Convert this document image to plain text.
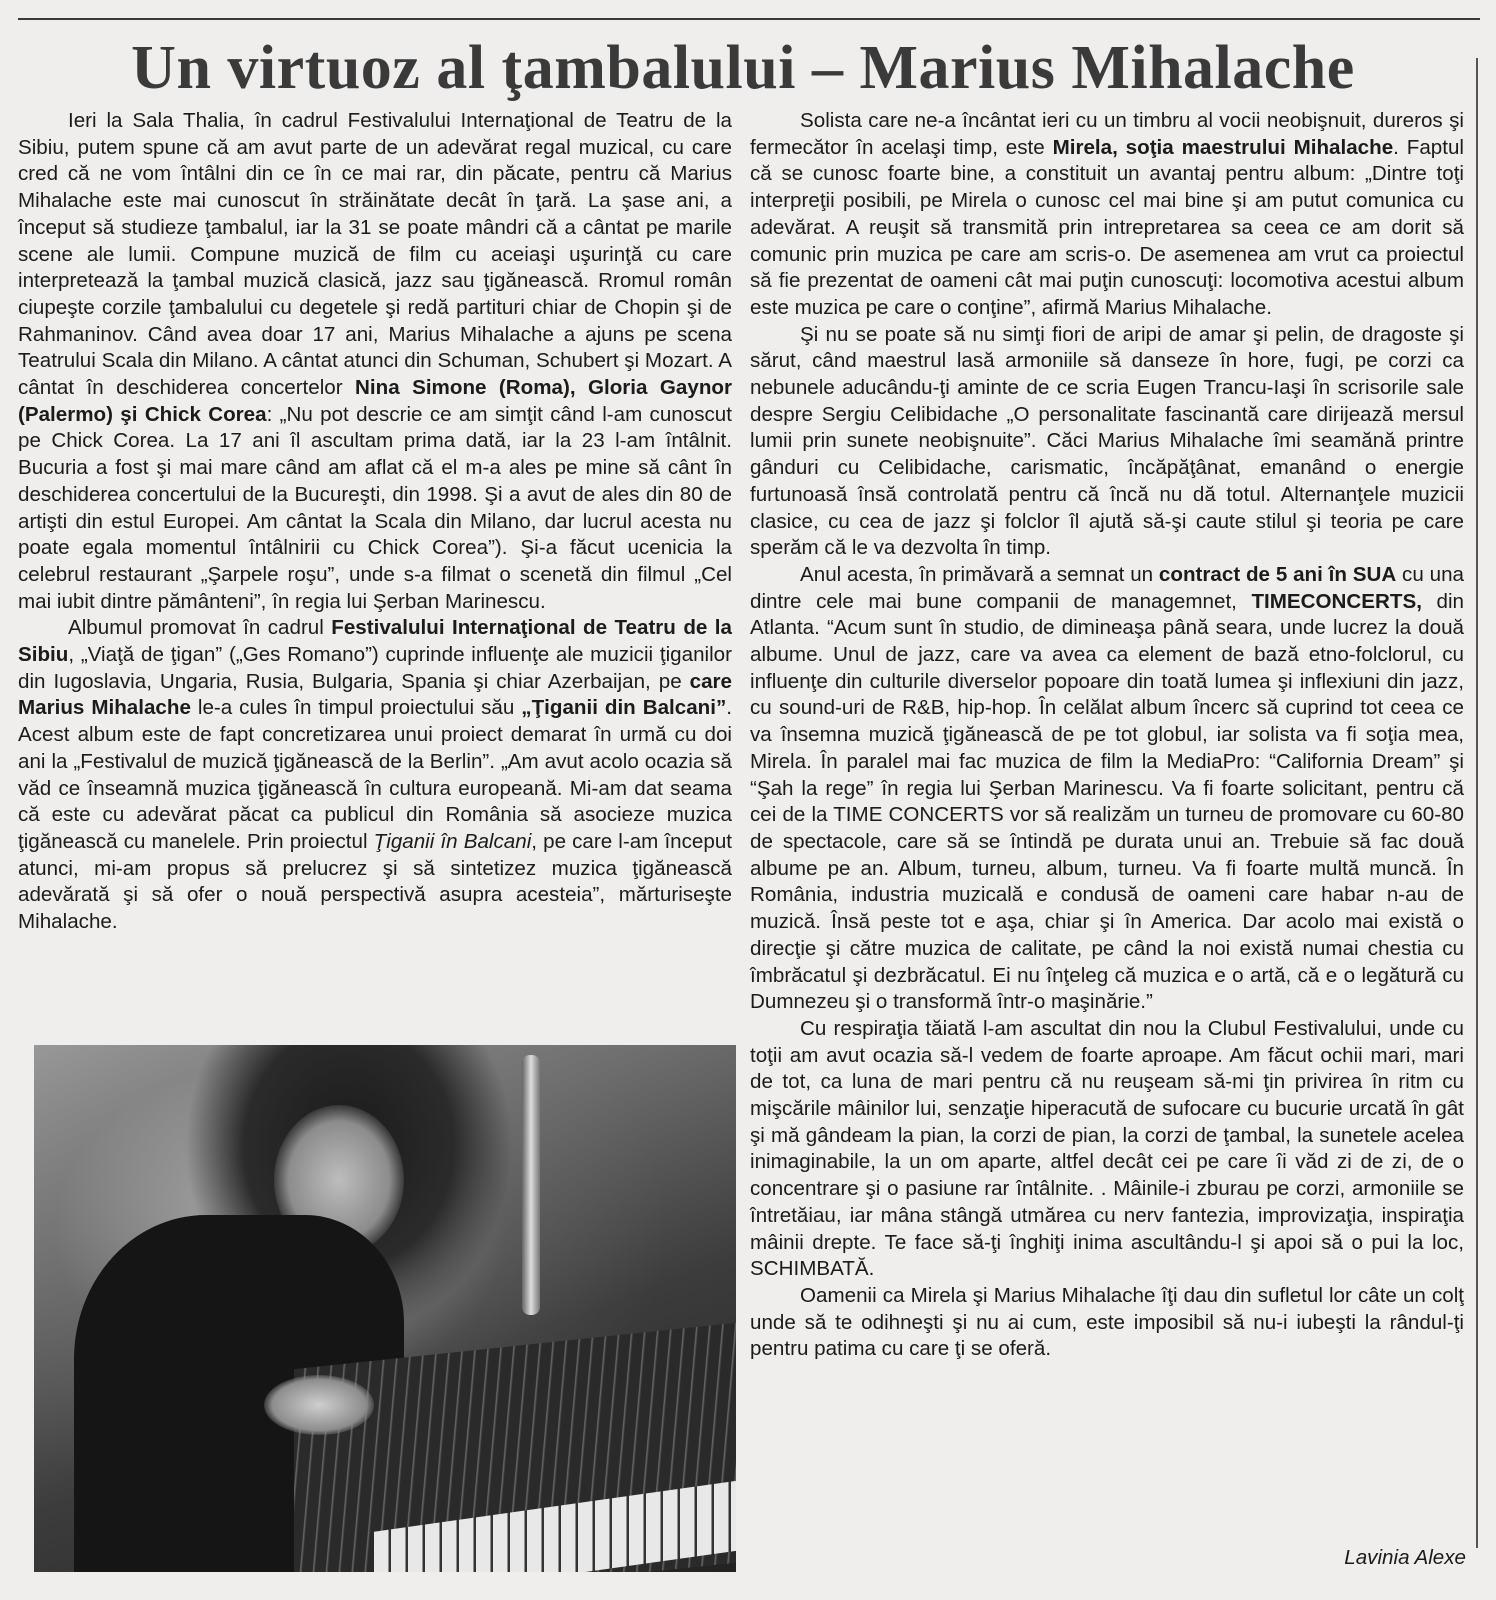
Un virtuoz al ţambalului – Marius Mihalache

Ieri la Sala Thalia, în cadrul Festivalului Internaţional de Teatru de la Sibiu, putem spune că am avut parte de un adevărat regal muzical, cu care cred că ne vom întâlni din ce în ce mai rar, din păcate, pentru că Marius Mihalache este mai cunoscut în străinătate decât în ţară. La şase ani, a început să studieze ţambalul, iar la 31 se poate mândri că a cântat pe marile scene ale lumii. Compune muzică de film cu aceiaşi uşurinţă cu care interpretează la ţambal muzică clasică, jazz sau ţigănească. Rromul român ciupeşte corzile ţambalului cu degetele şi redă partituri chiar de Chopin şi de Rahmaninov. Când avea doar 17 ani, Marius Mihalache a ajuns pe scena Teatrului Scala din Milano. A cântat atunci din Schuman, Schubert şi Mozart. A cântat în deschiderea concertelor Nina Simone (Roma), Gloria Gaynor (Palermo) şi Chick Corea: „Nu pot descrie ce am simţit când l-am cunoscut pe Chick Corea. La 17 ani îl ascultam prima dată, iar la 23 l-am întâlnit. Bucuria a fost şi mai mare când am aflat că el m-a ales pe mine să cânt în deschiderea concertului de la Bucureşti, din 1998. Şi a avut de ales din 80 de artişti din estul Europei. Am cântat la Scala din Milano, dar lucrul acesta nu poate egala momentul întâlnirii cu Chick Corea”). Şi-a făcut ucenicia la celebrul restaurant „Şarpele roşu”, unde s-a filmat o scenetă din filmul „Cel mai iubit dintre pământeni”, în regia lui Şerban Marinescu.

Albumul promovat în cadrul Festivalului Internaţional de Teatru de la Sibiu, „Viaţă de ţigan” („Ges Romano”) cuprinde influenţe ale muzicii ţiganilor din Iugoslavia, Ungaria, Rusia, Bulgaria, Spania şi chiar Azerbaijan, pe care Marius Mihalache le-a cules în timpul proiectului său „Ţiganii din Balcani”. Acest album este de fapt concretizarea unui proiect demarat în urmă cu doi ani la „Festivalul de muzică ţigănească de la Berlin”. „Am avut acolo ocazia să văd ce înseamnă muzica ţigănească în cultura europeană. Mi-am dat seama că este cu adevărat păcat ca publicul din România să asocieze muzica ţigănească cu manelele. Prin proiectul Ţiganii în Balcani, pe care l-am început atunci, mi-am propus să prelucrez şi să sintetizez muzica ţigănească adevărată şi să ofer o nouă perspectivă asupra acesteia”, mărturiseşte Mihalache.

Solista care ne-a încântat ieri cu un timbru al vocii neobişnuit, dureros şi fermecător în acelaşi timp, este Mirela, soţia maestrului Mihalache. Faptul că se cunosc foarte bine, a constituit un avantaj pentru album: „Dintre toţi interpreţii posibili, pe Mirela o cunosc cel mai bine şi am putut comunica cu adevărat. A reuşit să transmită prin intrepretarea sa ceea ce am dorit să comunic prin muzica pe care am scris-o. De asemenea am vrut ca proiectul să fie prezentat de oameni cât mai puţin cunoscuţi: locomotiva acestui album este muzica pe care o conţine”, afirmă Marius Mihalache.

Şi nu se poate să nu simţi fiori de aripi de amar şi pelin, de dragoste şi sărut, când maestrul lasă armoniile să danseze în hore, fugi, pe corzi ca nebunele aducându-ţi aminte de ce scria Eugen Trancu-Iaşi în scrisorile sale despre Sergiu Celibidache „O personalitate fascinantă care dirijează mersul lumii prin sunete neobişnuite”. Căci Marius Mihalache îmi seamănă printre gânduri cu Celibidache, carismatic, încăpăţânat, emanând o energie furtunoasă însă controlată pentru că încă nu dă totul. Alternanţele muzicii clasice, cu cea de jazz şi folclor îl ajută să-şi caute stilul şi teoria pe care sperăm că le va dezvolta în timp.

Anul acesta, în primăvară a semnat un contract de 5 ani în SUA cu una dintre cele mai bune companii de managemnet, TIMECONCERTS, din Atlanta. “Acum sunt în studio, de dimineaşa până seara, unde lucrez la două albume. Unul de jazz, care va avea ca element de bază etno-folclorul, cu influenţe din culturile diverselor popoare din toată lumea şi inflexiuni din jazz, cu sound-uri de R&B, hip-hop. În celălat album încerc să cuprind tot ceea ce va însemna muzică ţigănească de pe tot globul, iar solista va fi soţia mea, Mirela. În paralel mai fac muzica de film la MediaPro: “California Dream” şi “Şah la rege” în regia lui Şerban Marinescu. Va fi foarte solicitant, pentru că cei de la TIME CONCERTS vor să realizăm un turneu de promovare cu 60-80 de spectacole, care să se întindă pe durata unui an. Trebuie să fac două albume pe an. Album, turneu, album, turneu. Va fi foarte multă muncă. În România, industria muzicală e condusă de oameni care habar n-au de muzică. Însă peste tot e aşa, chiar şi în America. Dar acolo mai există o direcţie şi către muzica de calitate, pe când la noi există numai chestia cu îmbrăcatul şi dezbrăcatul. Ei nu înţeleg că muzica e o artă, că e o legătură cu Dumnezeu şi o transformă într-o maşinărie.”

Cu respiraţia tăiată l-am ascultat din nou la Clubul Festivalului, unde cu toţii am avut ocazia să-l vedem de foarte aproape. Am făcut ochii mari, mari de tot, ca luna de mari pentru că nu reuşeam să-mi ţin privirea în ritm cu mişcările mâinilor lui, senzaţie hiperacută de sufocare cu bucurie urcată în gât şi mă gândeam la pian, la corzi de pian, la corzi de ţambal, la sunetele acelea inimaginabile, la un om aparte, altfel decât cei pe care îi văd zi de zi, de o concentrare şi o pasiune rar întâlnite. . Mâinile-i zburau pe corzi, armoniile se întretăiau, iar mâna stângă utmărea cu nerv fantezia, improvizaţia, inspiraţia mâinii drepte. Te face să-ţi înghiţi inima ascultându-l şi apoi să o pui la loc, SCHIMBATĂ.

Oamenii ca Mirela şi Marius Mihalache îţi dau din sufletul lor câte un colţ unde să te odihneşti şi nu ai cum, este imposibil să nu-i iubeşti la rândul-ţi pentru patima cu care ţi se oferă.

Lavinia Alexe
